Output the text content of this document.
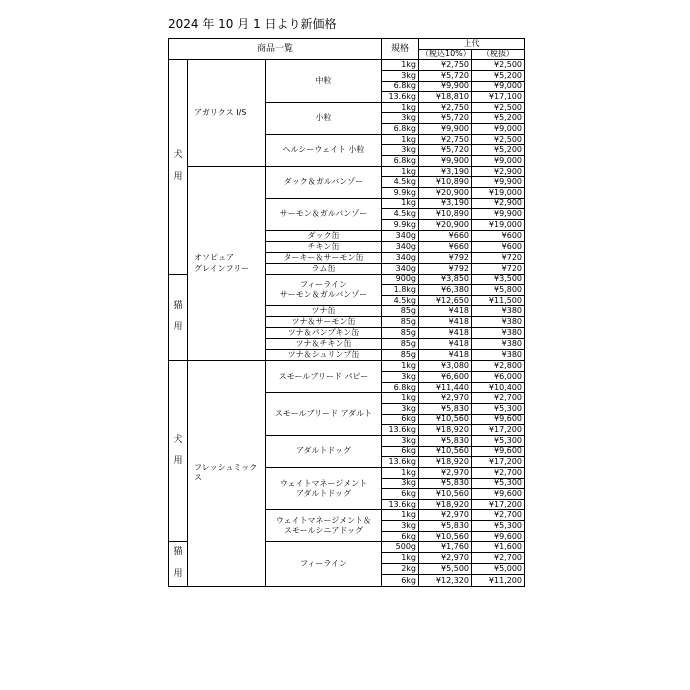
2024 年 10 月 1 日より新価格
商品一覧			規格	上代	
				（税込10%）	（税抜）
犬
用	アガリクス I/S	中粒	1kg	¥2,750	¥2,500
			3kg	¥5,720	¥5,200
			6.8kg	¥9,900	¥9,000
			13.6kg	¥18,810	¥17,100
		小粒	1kg	¥2,750	¥2,500
			3kg	¥5,720	¥5,200
			6.8kg	¥9,900	¥9,000
		ヘルシーウェイト 小粒	1kg	¥2,750	¥2,500
			3kg	¥5,720	¥5,200
			6.8kg	¥9,900	¥9,000
	オソピュア
グレインフリー	ダック＆ガルバンゾー	1kg	¥3,190	¥2,900
			4.5kg	¥10,890	¥9,900
			9.9kg	¥20,900	¥19,000
		サーモン＆ガルバンゾー	1kg	¥3,190	¥2,900
			4.5kg	¥10,890	¥9,900
			9.9kg	¥20,900	¥19,000
		ダック缶	340g	¥660	¥600
		チキン缶	340g	¥660	¥600
		ターキー＆サーモン缶	340g	¥792	¥720
		ラム缶	340g	¥792	¥720
猫
用		フィーライン
サーモン＆ガルバンゾー	900g	¥3,850	¥3,500
			1.8kg	¥6,380	¥5,800
			4.5kg	¥12,650	¥11,500
		ツナ缶	85g	¥418	¥380
		ツナ＆サーモン缶	85g	¥418	¥380
		ツナ＆パンプキン缶	85g	¥418	¥380
		ツナ＆チキン缶	85g	¥418	¥380
		ツナ＆シュリンプ缶	85g	¥418	¥380
犬
用	フレッシュミックス	スモールブリード パピー	1kg	¥3,080	¥2,800
			3kg	¥6,600	¥6,000
			6.8kg	¥11,440	¥10,400
		スモールブリード アダルト	1kg	¥2,970	¥2,700
			3kg	¥5,830	¥5,300
			6kg	¥10,560	¥9,600
			13.6kg	¥18,920	¥17,200
		アダルトドッグ	3kg	¥5,830	¥5,300
			6kg	¥10,560	¥9,600
			13.6kg	¥18,920	¥17,200
		ウェイトマネージメント
アダルトドッグ	1kg	¥2,970	¥2,700
			3kg	¥5,830	¥5,300
			6kg	¥10,560	¥9,600
			13.6kg	¥18,920	¥17,200
		ウェイトマネージメント＆
スモールシニアドッグ	1kg	¥2,970	¥2,700
			3kg	¥5,830	¥5,300
			6kg	¥10,560	¥9,600
猫
用		フィーライン	500g	¥1,760	¥1,600
			1kg	¥2,970	¥2,700
			2kg	¥5,500	¥5,000
			6kg	¥12,320	¥11,200
